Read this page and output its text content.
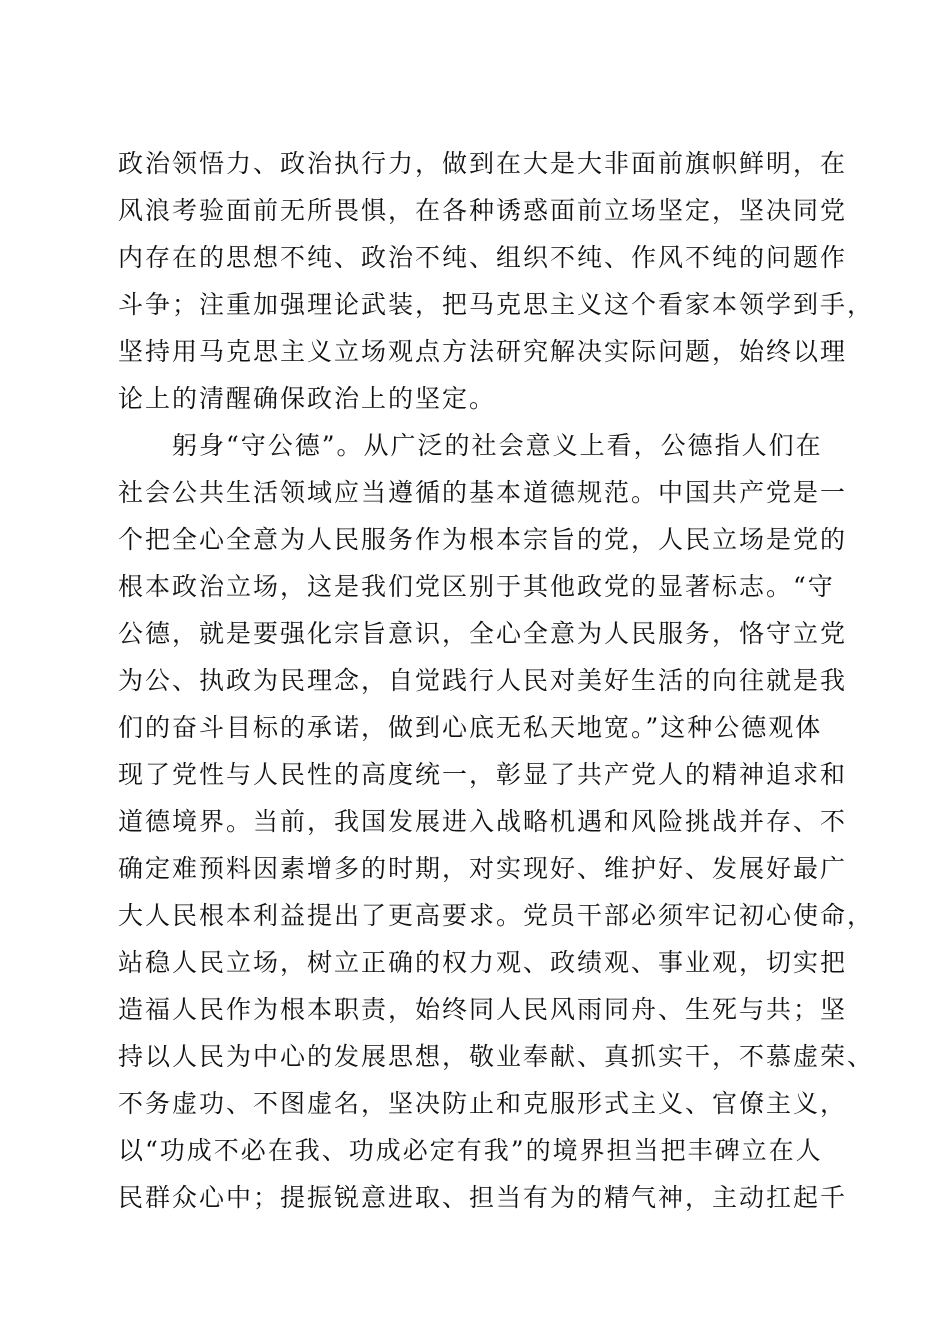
政治领悟力、政治执行力，做到在大是大非面前旗帜鲜明，在
风浪考验面前无所畏惧，在各种诱惑面前立场坚定，坚决同党
内存在的思想不纯、政治不纯、组织不纯、作风不纯的问题作
斗争；注重加强理论武装，把马克思主义这个看家本领学到手，
坚持用马克思主义立场观点方法研究解决实际问题，始终以理
论上的清醒确保政治上的坚定。
躬身“守公德”。从广泛的社会意义上看，公德指人们在
社会公共生活领域应当遵循的基本道德规范。中国共产党是一
个把全心全意为人民服务作为根本宗旨的党，人民立场是党的
根本政治立场，这是我们党区别于其他政党的显著标志。“守
公德，就是要强化宗旨意识，全心全意为人民服务，恪守立党
为公、执政为民理念，自觉践行人民对美好生活的向往就是我
们的奋斗目标的承诺，做到心底无私天地宽。”这种公德观体
现了党性与人民性的高度统一，彰显了共产党人的精神追求和
道德境界。当前，我国发展进入战略机遇和风险挑战并存、不
确定难预料因素增多的时期，对实现好、维护好、发展好最广
大人民根本利益提出了更高要求。党员干部必须牢记初心使命，
站稳人民立场，树立正确的权力观、政绩观、事业观，切实把
造福人民作为根本职责，始终同人民风雨同舟、生死与共；坚
持以人民为中心的发展思想，敬业奉献、真抓实干，不慕虚荣、
不务虚功、不图虚名，坚决防止和克服形式主义、官僚主义，
以“功成不必在我、功成必定有我”的境界担当把丰碑立在人
民群众心中；提振锐意进取、担当有为的精气神，主动扛起千
